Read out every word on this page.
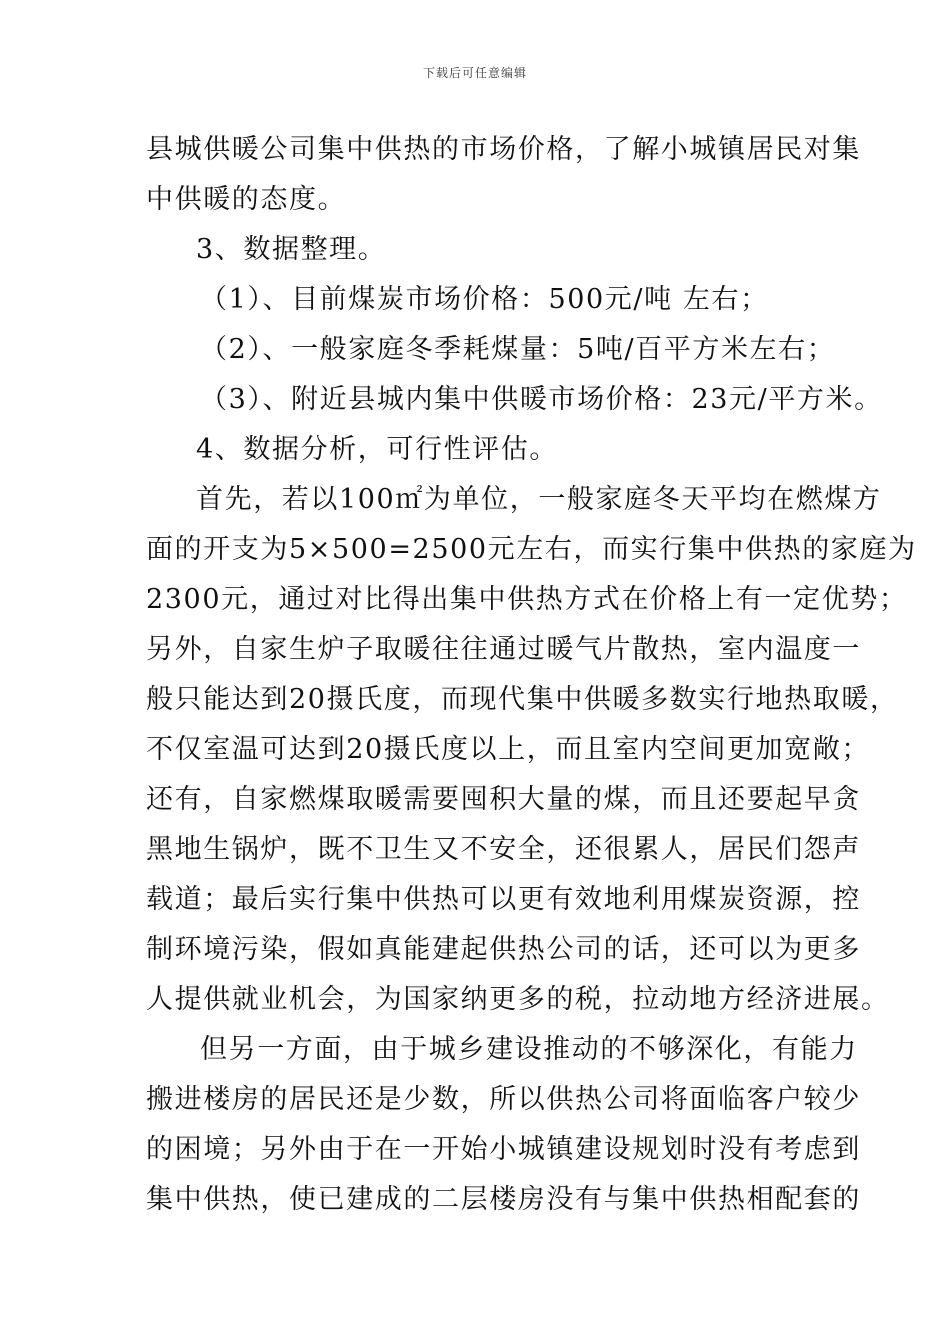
下载后可任意编辑
县城供暖公司集中供热的市场价格，了解小城镇居民对集
中供暖的态度。
3、数据整理。
（1）、目前煤炭市场价格：500元/吨 左右；
（2）、一般家庭冬季耗煤量：5吨/百平方米左右；
（3）、附近县城内集中供暖市场价格：23元/平方米。
4、数据分析，可行性评估。
首先，若以100㎡为单位，一般家庭冬天平均在燃煤方
面的开支为5×500=2500元左右，而实行集中供热的家庭为
2300元，通过对比得出集中供热方式在价格上有一定优势；
另外，自家生炉子取暖往往通过暖气片散热，室内温度一
般只能达到20摄氏度，而现代集中供暖多数实行地热取暖，
不仅室温可达到20摄氏度以上，而且室内空间更加宽敞；
还有，自家燃煤取暖需要囤积大量的煤，而且还要起早贪
黑地生锅炉，既不卫生又不安全，还很累人，居民们怨声
载道；最后实行集中供热可以更有效地利用煤炭资源，控
制环境污染，假如真能建起供热公司的话，还可以为更多
人提供就业机会，为国家纳更多的税，拉动地方经济进展。
但另一方面，由于城乡建设推动的不够深化，有能力
搬进楼房的居民还是少数，所以供热公司将面临客户较少
的困境；另外由于在一开始小城镇建设规划时没有考虑到
集中供热，使已建成的二层楼房没有与集中供热相配套的
